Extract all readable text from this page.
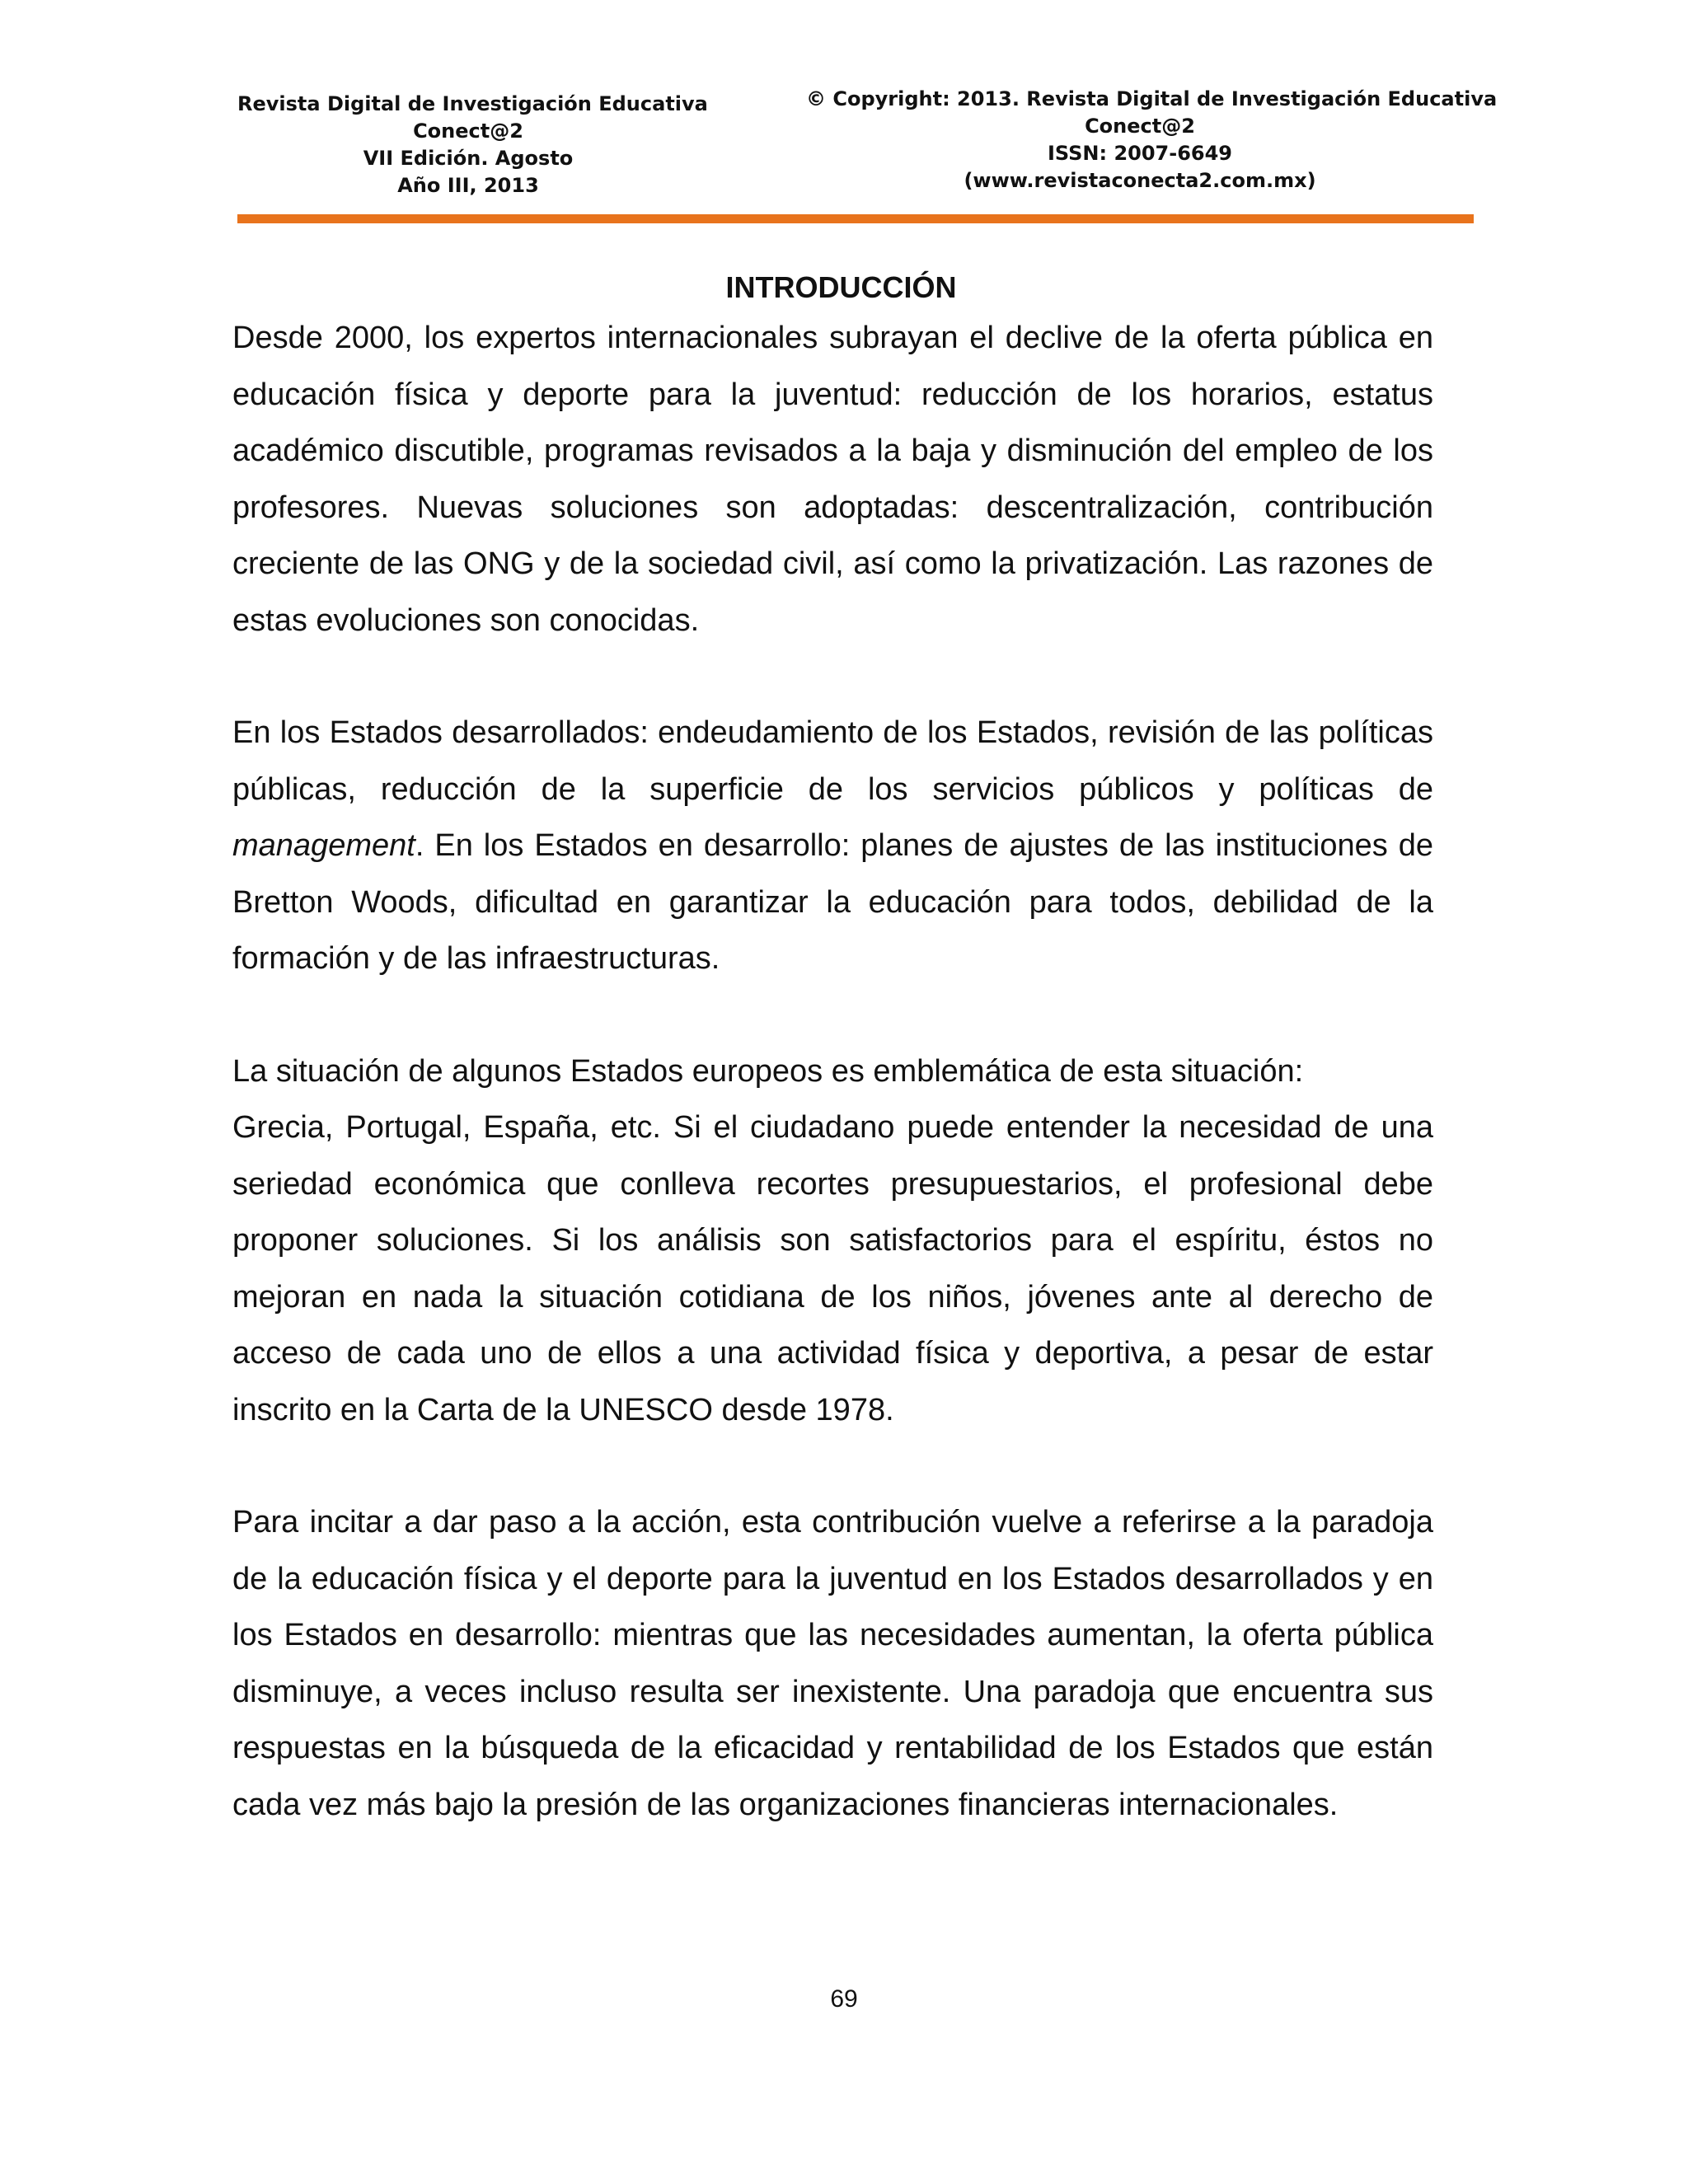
Revista Digital de Investigación Educativa
Conect@2
VII Edición. Agosto
Año III, 2013
© Copyright: 2013. Revista Digital de Investigación Educativa
Conect@2
ISSN: 2007-6649
(www.revistaconecta2.com.mx)
INTRODUCCIÓN

Desde 2000, los expertos internacionales subrayan el declive de la oferta pública en educación física y deporte para la juventud: reducción de los horarios, estatus académico discutible, programas revisados a la baja y disminución del empleo de los profesores. Nuevas soluciones son adoptadas: descentralización, contribución creciente de las ONG y de la sociedad civil, así como la privatización. Las razones de estas evoluciones son conocidas.

En los Estados desarrollados: endeudamiento de los Estados, revisión de las políticas públicas, reducción de la superficie de los servicios públicos y políticas de management. En los Estados en desarrollo: planes de ajustes de las instituciones de Bretton Woods, dificultad en garantizar la educación para todos, debilidad de la formación y de las infraestructuras.

La situación de algunos Estados europeos es emblemática de esta situación:
Grecia, Portugal, España, etc. Si el ciudadano puede entender la necesidad de una seriedad económica que conlleva recortes presupuestarios, el profesional debe proponer soluciones. Si los análisis son satisfactorios para el espíritu, éstos no mejoran en nada la situación cotidiana de los niños, jóvenes ante al derecho de acceso de cada uno de ellos a una actividad física y deportiva, a pesar de estar inscrito en la Carta de la UNESCO desde 1978.

Para incitar a dar paso a la acción, esta contribución vuelve a referirse a la paradoja de la educación física y el deporte para la juventud en los Estados desarrollados y en los Estados en desarrollo: mientras que las necesidades aumentan, la oferta pública disminuye, a veces incluso resulta ser inexistente. Una paradoja que encuentra sus respuestas en la búsqueda de la eficacidad y rentabilidad de los Estados que están cada vez más bajo la presión de las organizaciones financieras internacionales.

69
